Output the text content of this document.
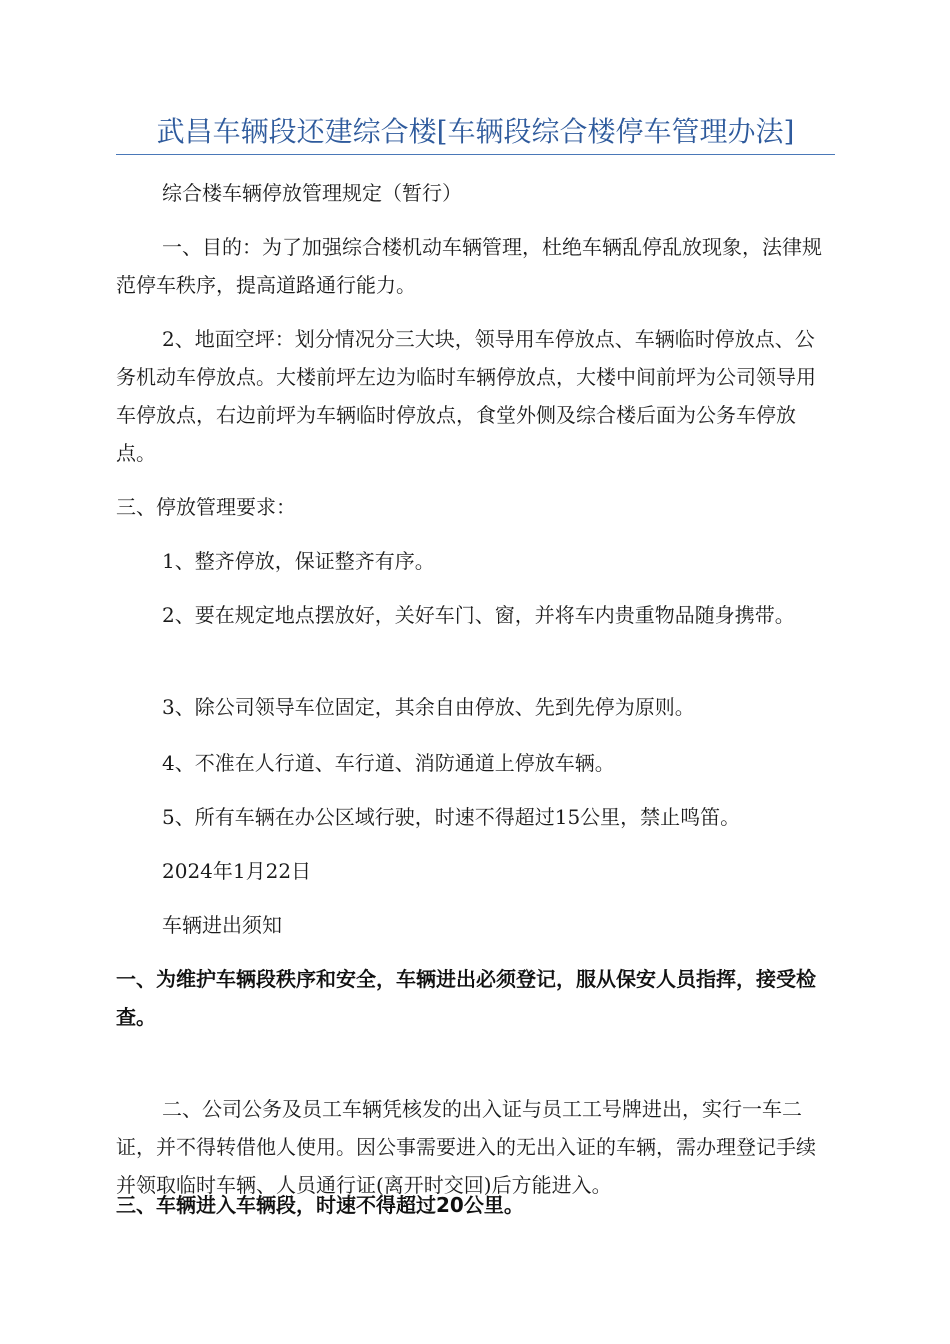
武昌车辆段还建综合楼[车辆段综合楼停车管理办法]

综合楼车辆停放管理规定（暂行）

一、目的：为了加强综合楼机动车辆管理，杜绝车辆乱停乱放现象，法律规范停车秩序，提高道路通行能力。

2、地面空坪：划分情况分三大块，领导用车停放点、车辆临时停放点、公务机动车停放点。大楼前坪左边为临时车辆停放点，大楼中间前坪为公司领导用车停放点，右边前坪为车辆临时停放点，食堂外侧及综合楼后面为公务车停放点。

三、停放管理要求：

1、整齐停放，保证整齐有序。

2、要在规定地点摆放好，关好车门、窗，并将车内贵重物品随身携带。

3、除公司领导车位固定，其余自由停放、先到先停为原则。

4、不准在人行道、车行道、消防通道上停放车辆。

5、所有车辆在办公区域行驶，时速不得超过15公里，禁止鸣笛。

2024年1月22日

车辆进出须知

一、为维护车辆段秩序和安全，车辆进出必须登记，服从保安人员指挥，接受检查。

二、公司公务及员工车辆凭核发的出入证与员工工号牌进出，实行一车二证，并不得转借他人使用。因公事需要进入的无出入证的车辆，需办理登记手续并领取临时车辆、人员通行证(离开时交回)后方能进入。

三、车辆进入车辆段，时速不得超过20公里。
